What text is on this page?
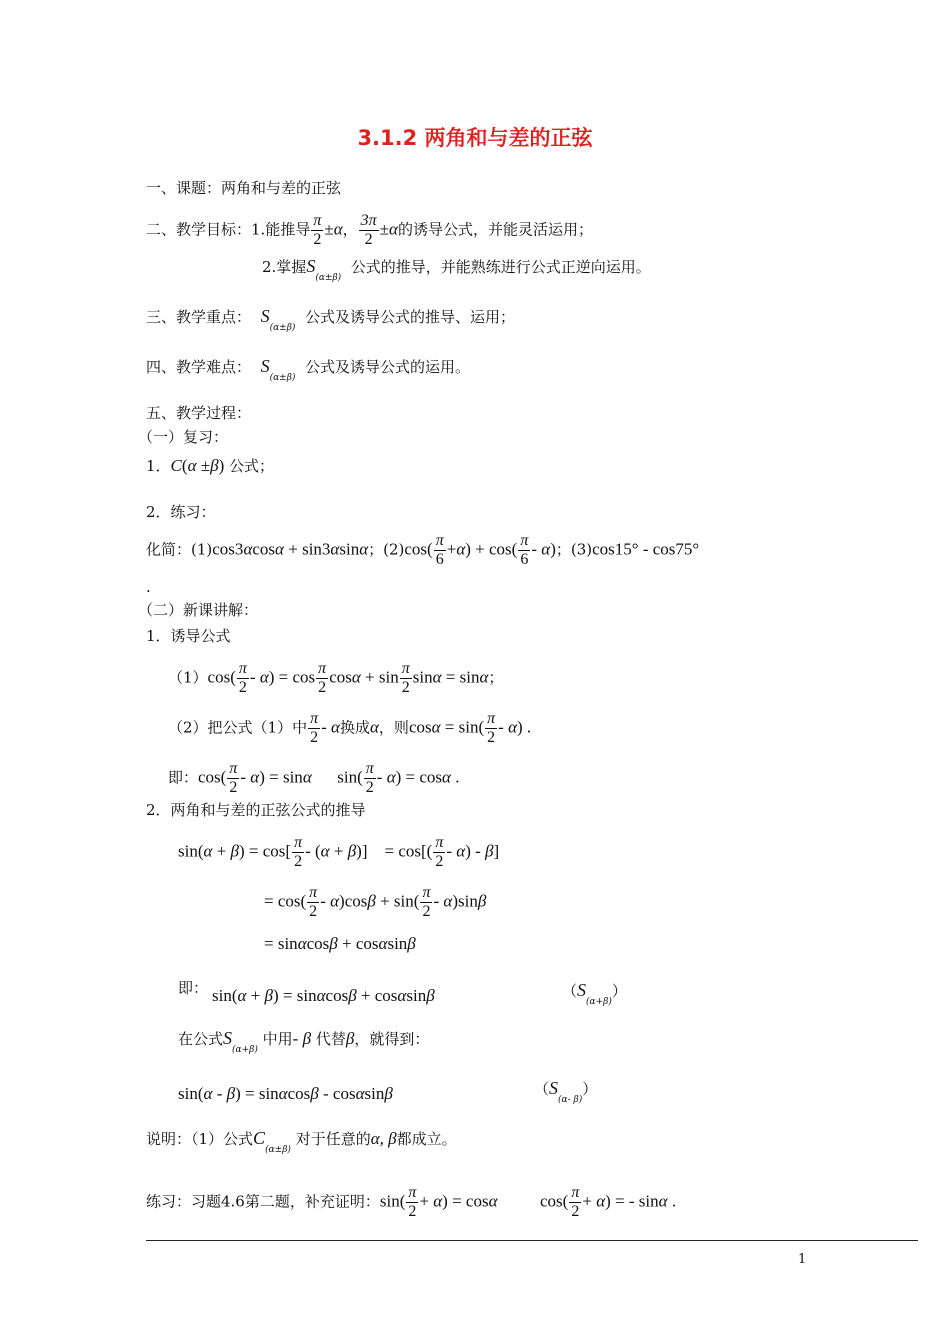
3.1.2 两角和与差的正弦
一、课题：两角和与差的正弦
二、教学目标：1.能推导 $\frac{\pi}{2} \pm\alpha$， $\frac{3\pi}{2} \pm\alpha$的诱导公式，并能灵活运用；
2.掌握$S_{(\alpha\pm\beta)}$  公式的推导，并能熟练进行公式正逆向运用。
三、教学重点： $S_{(\alpha\pm\beta)}$  公式及诱导公式的推导、运用；
四、教学难点： $S_{(\alpha\pm\beta)}$  公式及诱导公式的运用。
五、教学过程：
（一）复习：
1．C(α ±β) 公式；
2．练习：
化简：(1)cos3αcosα + sin3αsinα；$(2)\cos( \frac{\pi}{6} +\alpha) + \cos( \frac{\pi}{6} - \alpha)$；(3)cos15° - cos75°
.
（二）新课讲解：
1．诱导公式
$(1)\cos( \frac{\pi}{2} - \alpha) = \cos \frac{\pi}{2}$ $\cos\alpha + \sin \frac{\pi}{2}$ sinα = sinα；
（2）把公式（1）中 $\frac{\pi}{2}$ - α换成α，则$\cos\alpha = \sin( \frac{\pi}{2} - \alpha)$ .
即：$\cos( \frac{\pi}{2} - \alpha) = \sin\alpha$      $\sin( \frac{\pi}{2} - \alpha) = \cos\alpha$ .
2．两角和与差的正弦公式的推导
$\sin(\alpha + \beta) = \cos[ \frac{\pi}{2} - (\alpha + \beta)]$    = $\cos[( \frac{\pi}{2} - \alpha) - \beta]$
= $\cos( \frac{\pi}{2} - \alpha)\cos\beta + \sin( \frac{\pi}{2} - \alpha)\sin\beta$
= sinαcosβ + cosαsinβ
即： sin(α + β) = sinαcosβ + cosαsinβ	$(S_{(\alpha+\beta)})$
在公式$S_{(\alpha+\beta)}$ 中用- β 代替β，就得到：
sin(α - β) = sinαcosβ - cosαsinβ	$(S_{(\alpha- \beta)})$
说明：（1）公式$C_{(\alpha\pm\beta)}$ 对于任意的α, β都成立。
练习：习题4.6第二题，补充证明：$\sin( \frac{\pi}{2} + \alpha) = \cos\alpha$          $\cos( \frac{\pi}{2} + \alpha)$ = - sinα .
1
